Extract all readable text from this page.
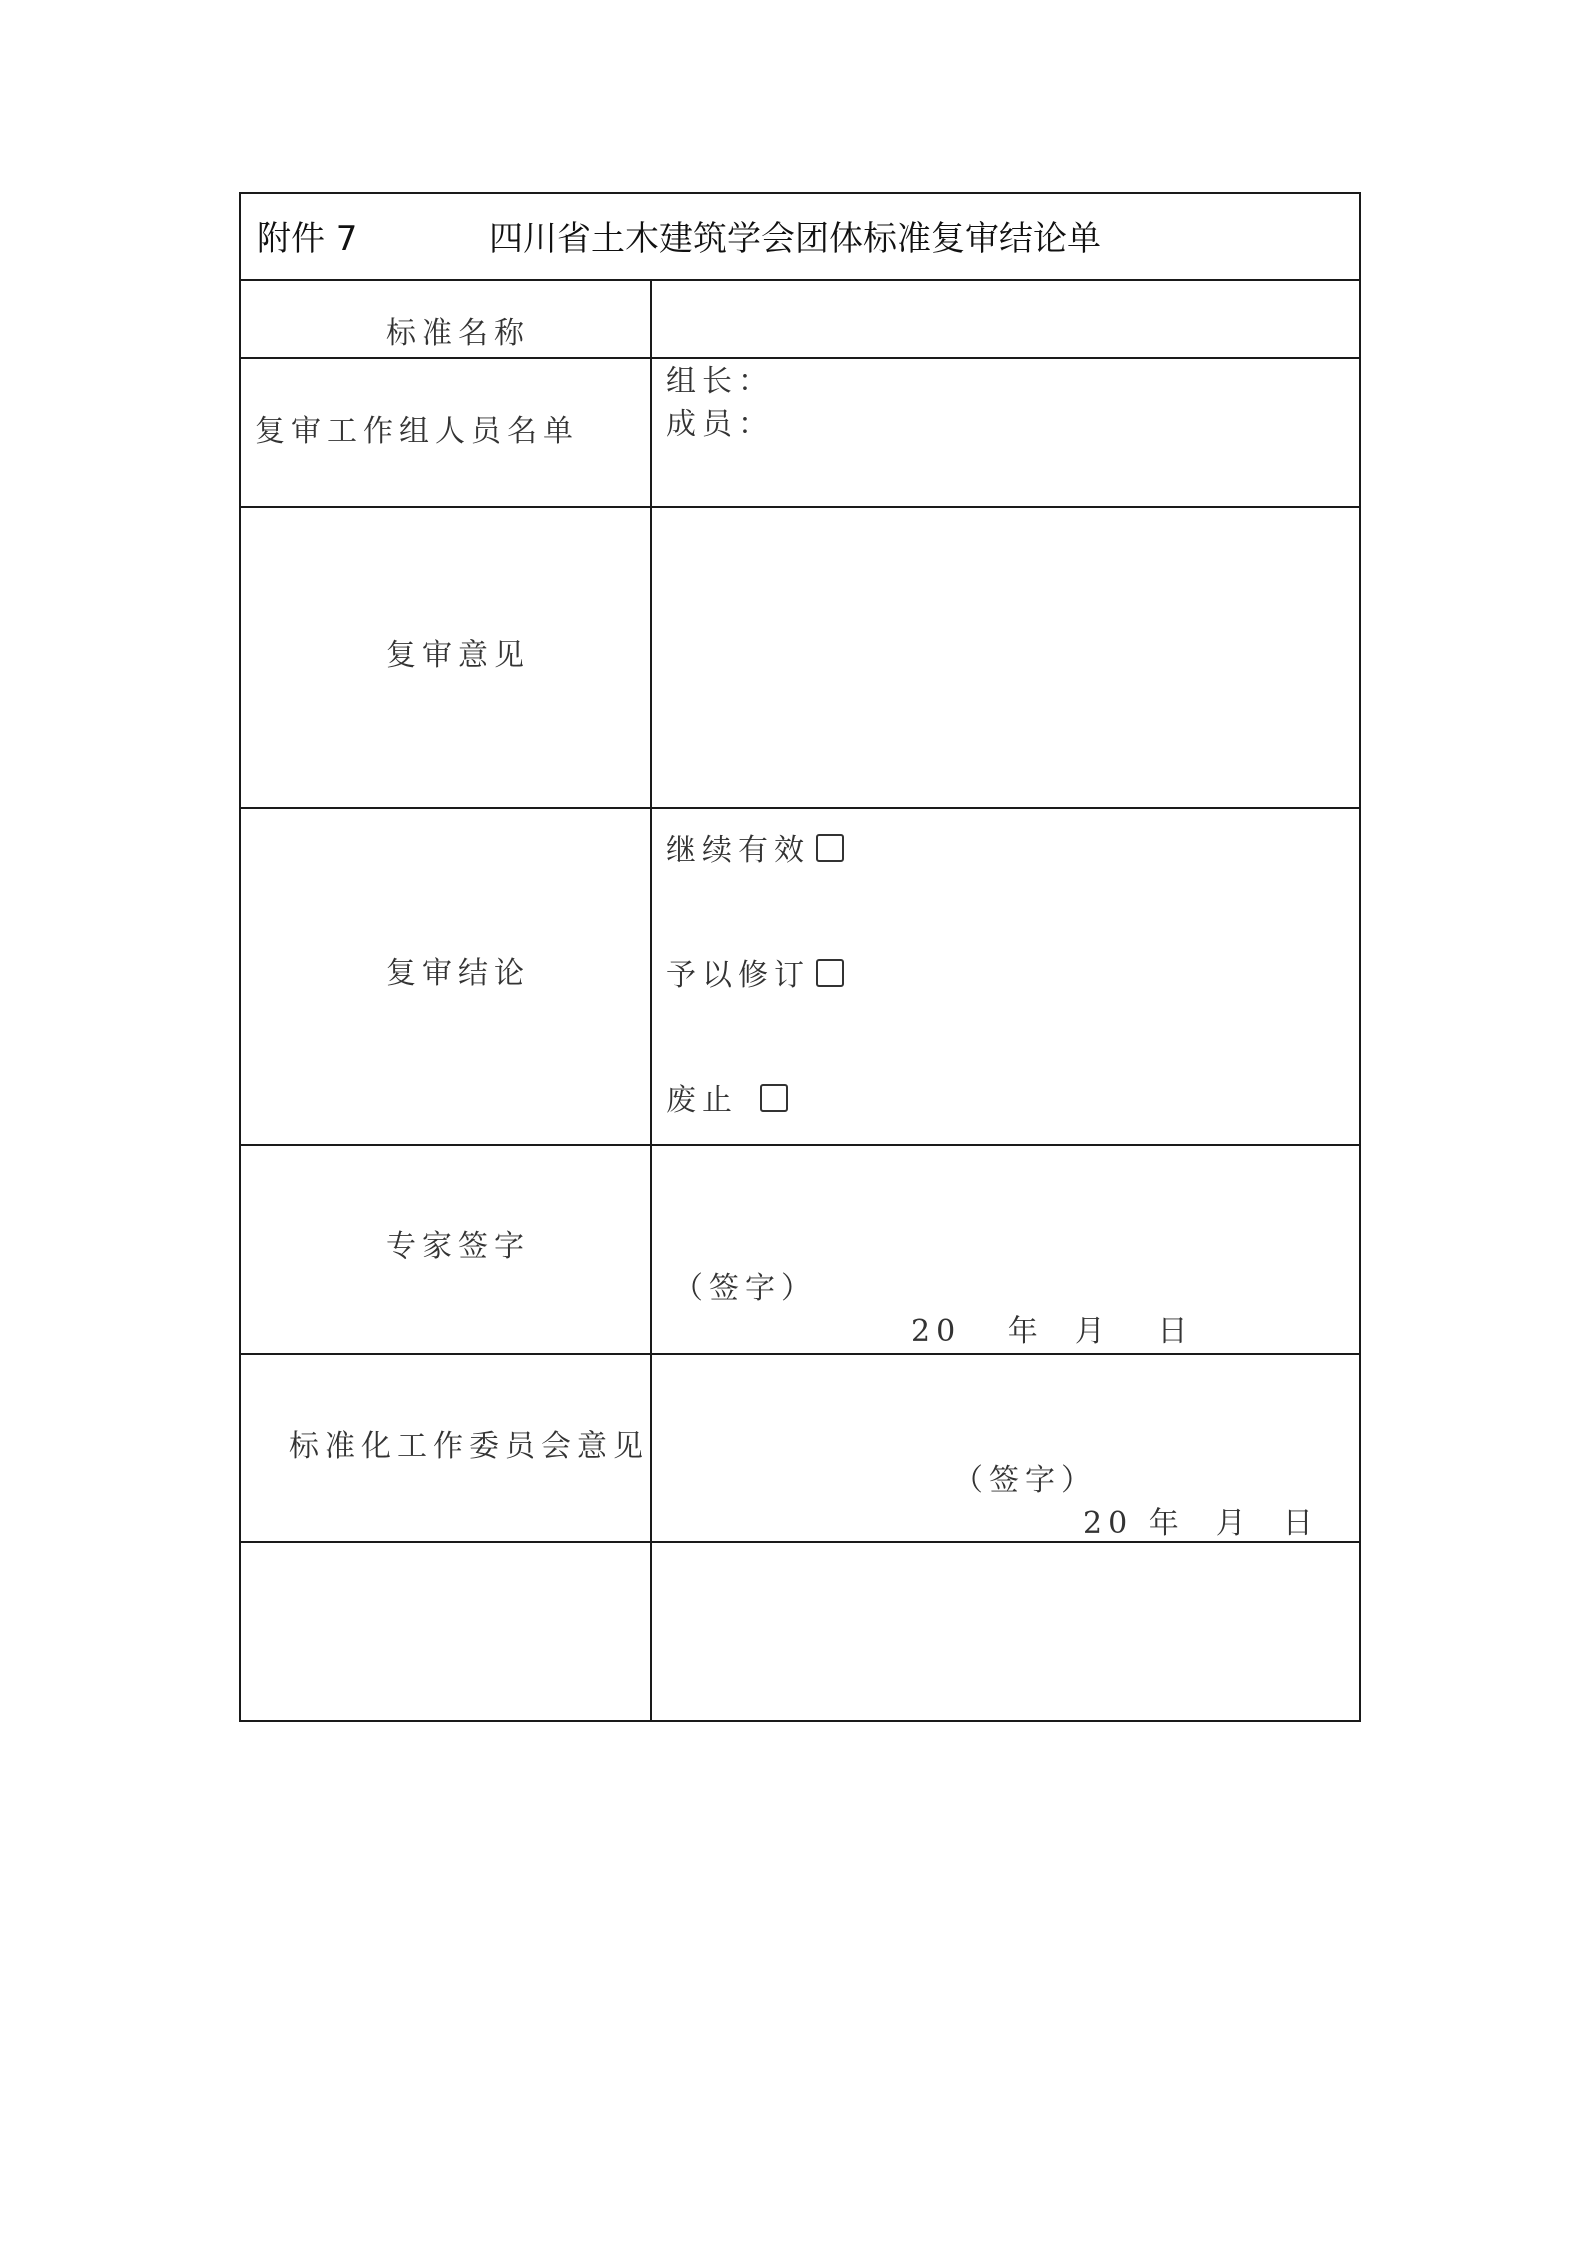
附件 7	四川省土木建筑学会团体标准复审结论单
标准名称
复审工作组人员名单
组长：
成员：
复审意见
复审结论
继续有效
予以修订
废止
专家签字
（签字）
20   年  月   日
标准化工作委员会意见
（签字）
20 年  月  日
